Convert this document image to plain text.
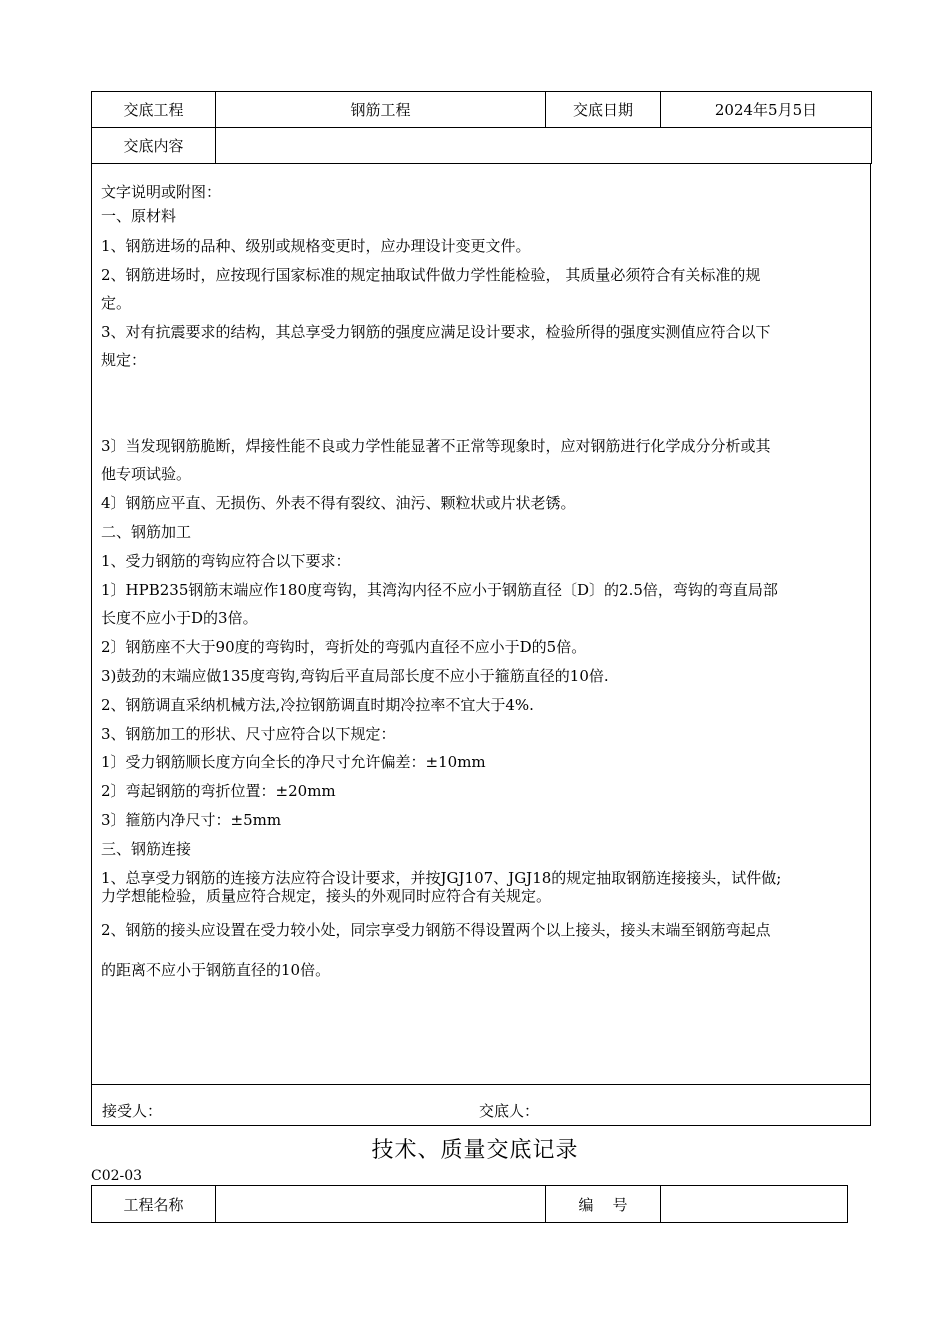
交底工程	钢筋工程	交底日期	2024年5月5日
交底内容			
文字说明或附图：
一、原材料
1、钢筋进场的品种、级别或规格变更时，应办理设计变更文件。
2、钢筋进场时，应按现行国家标准的规定抽取试件做力学性能检验， 其质量必须符合有关标准的规
定。
3、对有抗震要求的结构，其总享受力钢筋的强度应满足设计要求，检验所得的强度实测值应符合以下
规定：
3〕当发现钢筋脆断，焊接性能不良或力学性能显著不正常等现象时，应对钢筋进行化学成分分析或其
他专项试验。
4〕钢筋应平直、无损伤、外表不得有裂纹、油污、颗粒状或片状老锈。
二、钢筋加工
1、受力钢筋的弯钩应符合以下要求：
1〕HPB235钢筋末端应作180度弯钩，其湾沟内径不应小于钢筋直径〔D〕的2.5倍，弯钩的弯直局部
长度不应小于D的3倍。
2〕钢筋座不大于90度的弯钩时，弯折处的弯弧内直径不应小于D的5倍。
3)鼓劲的末端应做135度弯钩,弯钩后平直局部长度不应小于箍筋直径的10倍.
2、钢筋调直采纳机械方法,冷拉钢筋调直时期冷拉率不宜大于4%.
3、钢筋加工的形状、尺寸应符合以下规定：
1〕受力钢筋顺长度方向全长的净尺寸允许偏差：±10mm
2〕弯起钢筋的弯折位置：±20mm
3〕箍筋内净尺寸：±5mm
三、钢筋连接
1、总享受力钢筋的连接方法应符合设计要求，并按JGJ107、JGJ18的规定抽取钢筋连接接头，试件做;
力学想能检验，质量应符合规定，接头的外观同时应符合有关规定。
2、钢筋的接头应设置在受力较小处，同宗享受力钢筋不得设置两个以上接头，接头末端至钢筋弯起点
的距离不应小于钢筋直径的10倍。
接受人：	交底人：
技术、质量交底记录
C02-03
工程名称		编    号	
